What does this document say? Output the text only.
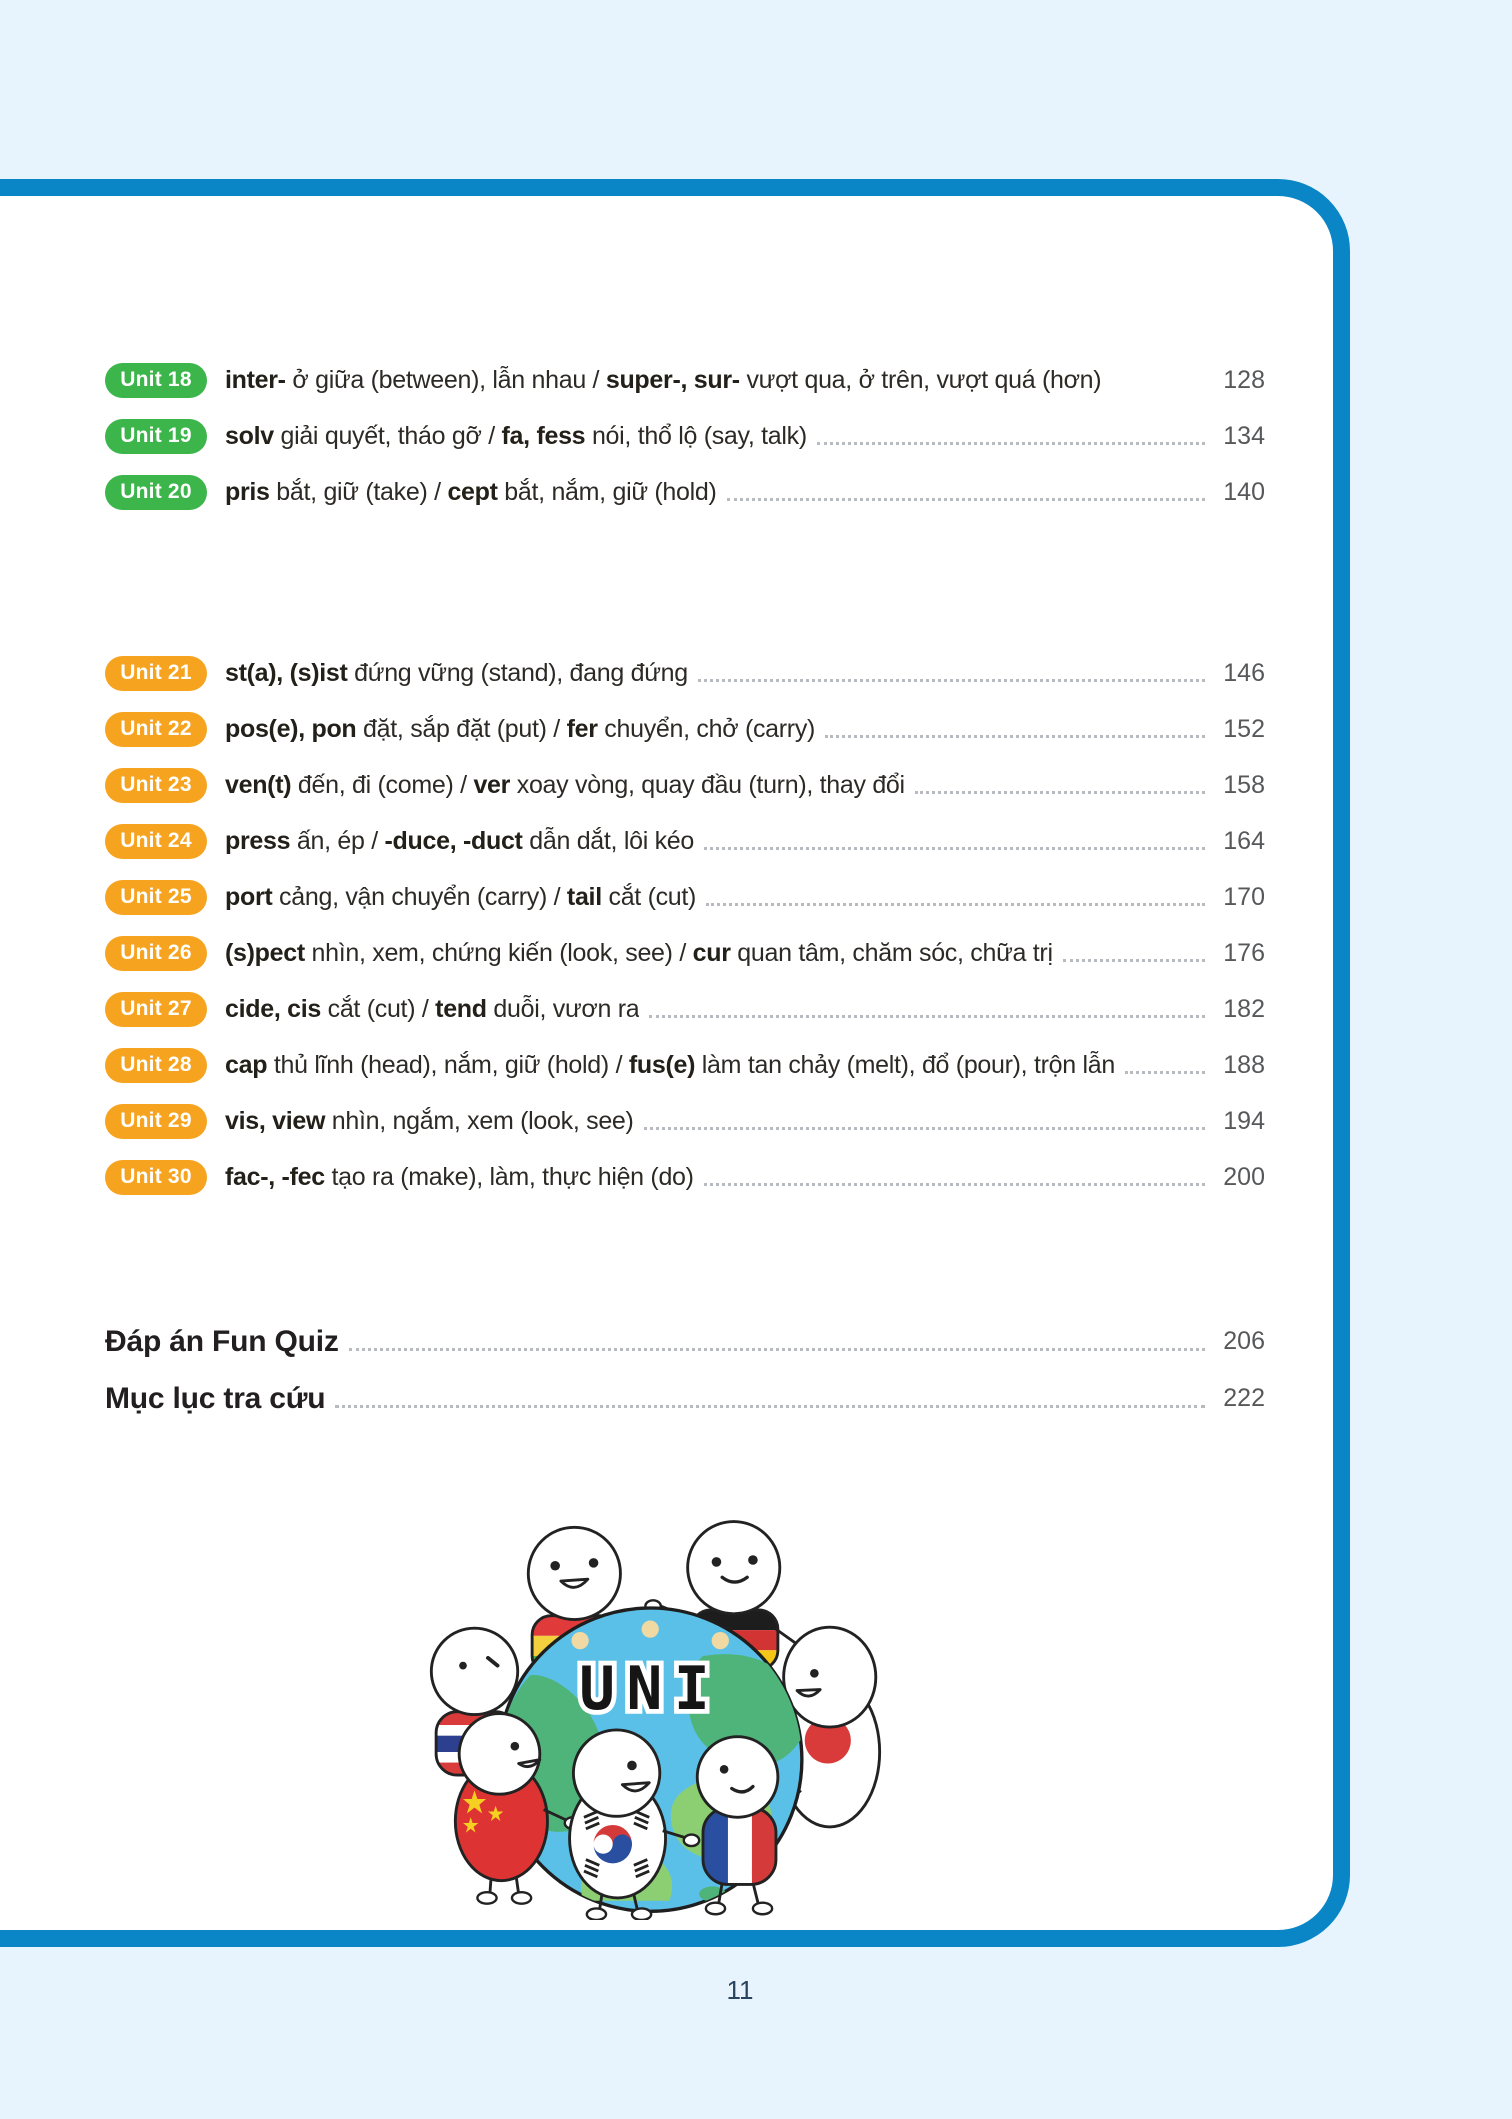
Unit 18	inter- ở giữa (between), lẫn nhau / super-, sur- vượt qua, ở trên, vượt quá (hơn)	128
Unit 19	solv giải quyết, tháo gỡ / fa, fess nói, thổ lộ (say, talk)	134
Unit 20	pris bắt, giữ (take) / cept bắt, nắm, giữ (hold)	140
Unit 21	st(a), (s)ist đứng vững (stand), đang đứng	146
Unit 22	pos(e), pon đặt, sắp đặt (put) / fer chuyển, chở (carry)	152
Unit 23	ven(t) đến, đi (come) / ver xoay vòng, quay đầu (turn), thay đổi	158
Unit 24	press ấn, ép / -duce, -duct dẫn dắt, lôi kéo	164
Unit 25	port cảng, vận chuyển (carry) / tail cắt (cut)	170
Unit 26	(s)pect nhìn, xem, chứng kiến (look, see) / cur quan tâm, chăm sóc, chữa trị	176
Unit 27	cide, cis cắt (cut) / tend duỗi, vươn ra	182
Unit 28	cap thủ lĩnh (head), nắm, giữ (hold) / fus(e) làm tan chảy (melt), đổ (pour), trộn lẫn	188
Unit 29	vis, view nhìn, ngắm, xem (look, see)	194
Unit 30	fac-, -fec tạo ra (make), làm, thực hiện (do)	200
Đáp án Fun Quiz	206
Mục lục tra cứu	222
UNI
11
